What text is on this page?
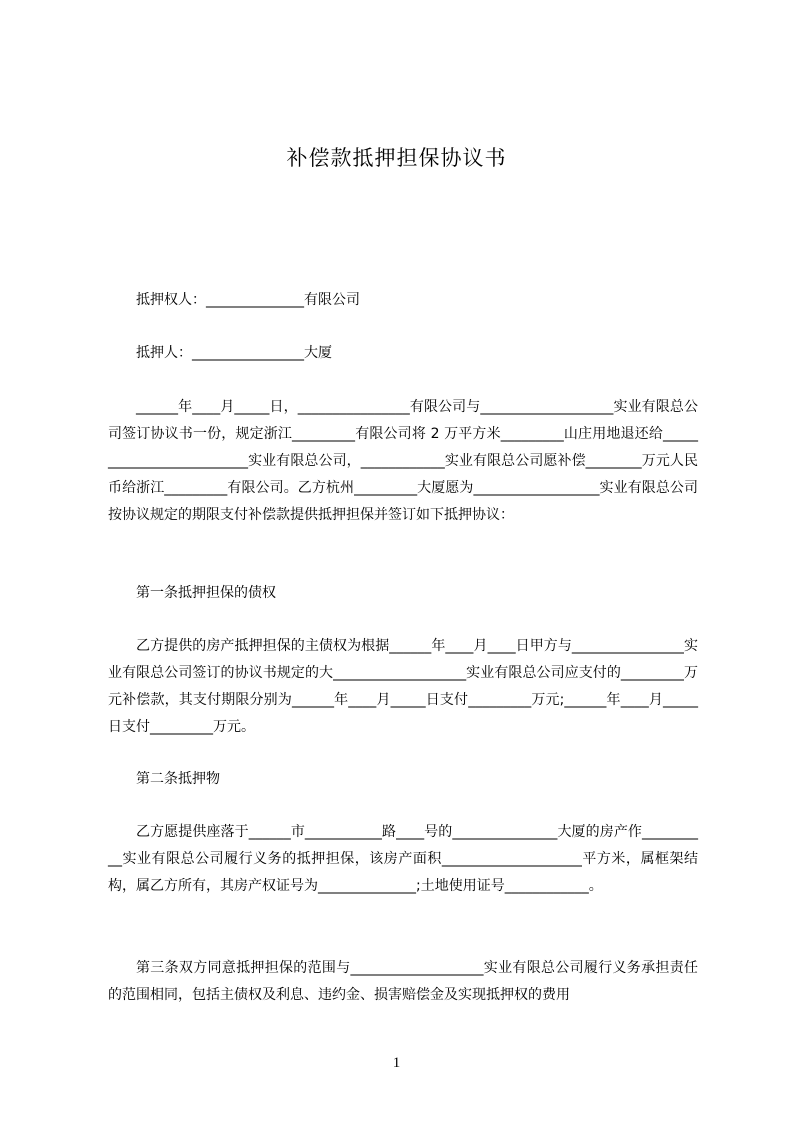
补偿款抵押担保协议书

抵押权人：______________有限公司

抵押人：________________大厦

______年____月_____日，________________有限公司与___________________实业有限总公司签订协议书一份，规定浙江_________有限公司将 2 万平方米_________山庄用地退还给_________________________实业有限总公司，____________实业有限总公司愿补偿________万元人民币给浙江_________有限公司。乙方杭州_________大厦愿为__________________实业有限总公司按协议规定的期限支付补偿款提供抵押担保并签订如下抵押协议：

第一条抵押担保的债权

乙方提供的房产抵押担保的主债权为根据______年____月____日甲方与________________实业有限总公司签订的协议书规定的大___________________实业有限总公司应支付的_________万元补偿款，其支付期限分别为______年____月_____日支付_________万元;______年____月_____日支付_________万元。

第二条抵押物

乙方愿提供座落于______市___________路____号的_______________大厦的房产作__________实业有限总公司履行义务的抵押担保，该房产面积____________________平方米，属框架结构，属乙方所有，其房产权证号为______________;土地使用证号____________。

第三条双方同意抵押担保的范围与___________________实业有限总公司履行义务承担责任的范围相同，包括主债权及利息、违约金、损害赔偿金及实现抵押权的费用

1
